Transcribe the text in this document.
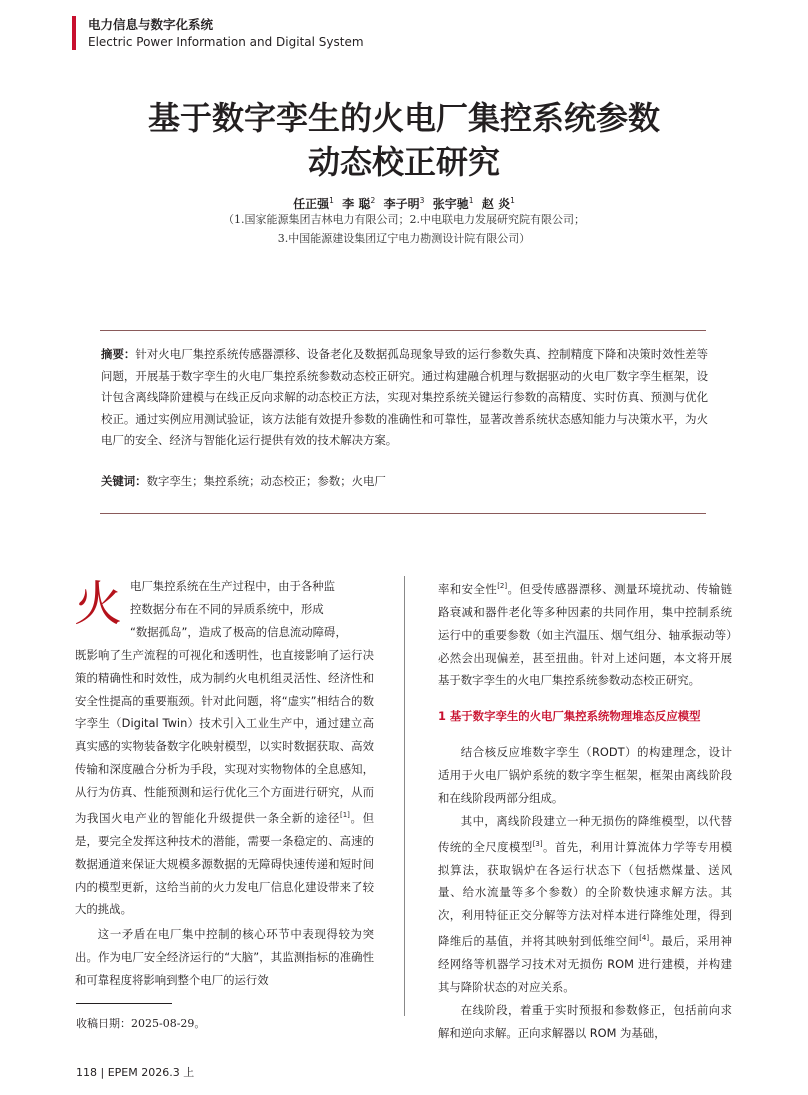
电力信息与数字化系统
Electric Power Information and Digital System
基于数字孪生的火电厂集控系统参数
动态校正研究
任正强$^1$ 李 聪$^2$ 李子明$^3$ 张宇驰$^1$ 赵 炎$^1$
（1.国家能源集团吉林电力有限公司；2.中电联电力发展研究院有限公司；
3.中国能源建设集团辽宁电力勘测设计院有限公司）
摘要：针对火电厂集控系统传感器漂移、设备老化及数据孤岛现象导致的运行参数失真、控制精度下降和决策时效性差等问题，开展基于数字孪生的火电厂集控系统参数动态校正研究。通过构建融合机理与数据驱动的火电厂数字孪生框架，设计包含离线降阶建模与在线正反向求解的动态校正方法，实现对集控系统关键运行参数的高精度、实时仿真、预测与优化校正。通过实例应用测试验证，该方法能有效提升参数的准确性和可靠性，显著改善系统状态感知能力与决策水平，为火电厂的安全、经济与智能化运行提供有效的技术解决方案。
关键词：数字孪生；集控系统；动态校正；参数；火电厂
火 电厂集控系统在生产过程中，由于各种监

控数据分布在不同的异质系统中，形成

“数据孤岛”，造成了极高的信息流动障碍，

既影响了生产流程的可视化和透明性，也直接影响了运行决策的精确性和时效性，成为制约火电机组灵活性、经济性和安全性提高的重要瓶颈。针对此问题，将“虚实”相结合的数字孪生（Digital Twin）技术引入工业生产中，通过建立高真实感的实物装备数字化映射模型，以实时数据获取、高效传输和深度融合分析为手段，实现对实物物体的全息感知，从行为仿真、性能预测和运行优化三个方面进行研究，从而为我国火电产业的智能化升级提供一条全新的途径[1]。但是，要完全发挥这种技术的潜能，需要一条稳定的、高速的数据通道来保证大规模多源数据的无障碍快速传递和短时间内的模型更新，这给当前的火力发电厂信息化建设带来了较大的挑战。

这一矛盾在电厂集中控制的核心环节中表现得较为突出。作为电厂安全经济运行的“大脑”，其监测指标的准确性和可靠程度将影响到整个电厂的运行效

率和安全性[2]。但受传感器漂移、测量环境扰动、传输链路衰减和器件老化等多种因素的共同作用，集中控制系统运行中的重要参数（如主汽温压、烟气组分、轴承振动等）必然会出现偏差，甚至扭曲。针对上述问题，本文将开展基于数字孪生的火电厂集控系统参数动态校正研究。

1 基于数字孪生的火电厂集控系统物理堆态反应模型

结合核反应堆数字孪生（RODT）的构建理念，设计适用于火电厂锅炉系统的数字孪生框架，框架由离线阶段和在线阶段两部分组成。

其中，离线阶段建立一种无损伤的降维模型，以代替传统的全尺度模型[3]。首先，利用计算流体力学等专用模拟算法，获取锅炉在各运行状态下（包括燃煤量、送风量、给水流量等多个参数）的全阶数快速求解方法。其次，利用特征正交分解等方法对样本进行降维处理，得到降维后的基值，并将其映射到低维空间[4]。最后，采用神经网络等机器学习技术对无损伤 ROM 进行建模，并构建其与降阶状态的对应关系。

在线阶段，着重于实时预报和参数修正，包括前向求解和逆向求解。正向求解器以 ROM 为基础，

收稿日期：2025-08-29。
118 | EPEM 2026.3 上
